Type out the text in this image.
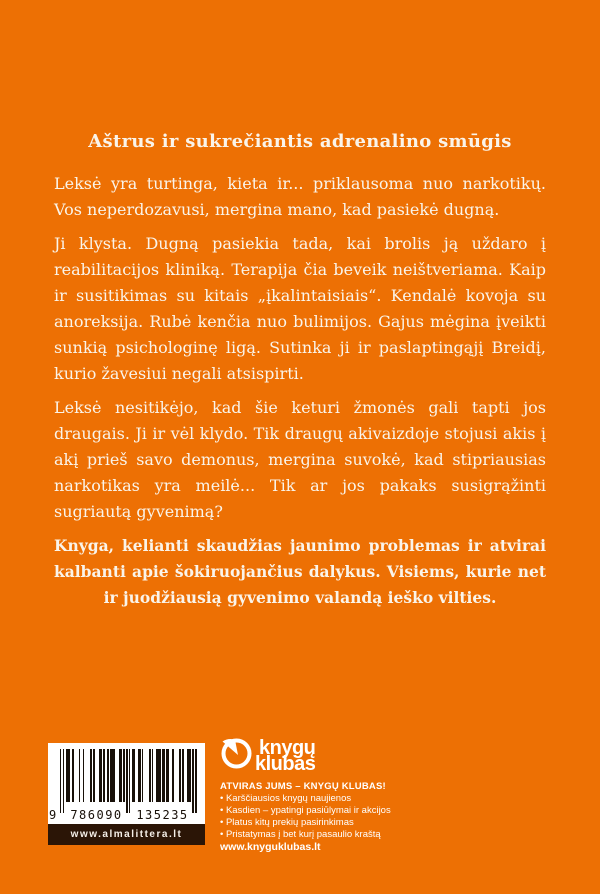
Aštrus ir sukrečiantis adrenalino smūgis

Leksė yra turtinga, kieta ir... priklausoma nuo narkotikų. Vos neperdozavusi, mergina mano, kad pasiekė dugną.

Ji klysta. Dugną pasiekia tada, kai brolis ją uždaro į reabilitacijos kliniką. Terapija čia beveik neištveriama. Kaip ir susitikimas su kitais „įkalintaisiais“. Kendalė kovoja su anoreksija. Rubė kenčia nuo bulimijos. Gajus mėgina įveikti sunkią psichologinę ligą. Sutinka ji ir paslaptingąjį Breidį, kurio žavesiui negali atsispirti.

Leksė nesitikėjo, kad šie keturi žmonės gali tapti jos draugais. Ji ir vėl klydo. Tik draugų akivaizdoje stojusi akis į akį prieš savo demonus, mergina suvokė, kad stipriausias narkotikas yra meilė... Tik ar jos pakaks susigrąžinti sugriautą gyvenimą?

Knyga, kelianti skaudžias jaunimo problemas ir atvirai kalbanti apie šokiruojančius dalykus. Visiems, kurie net ir juodžiausią gyvenimo valandą ieško vilties.

9	786090	135235
www.almalittera.lt
knygų
klubas
ATVIRAS JUMS – KNYGŲ KLUBAS!
• Karščiausios knygų naujienos
• Kasdien – ypatingi pasiūlymai ir akcijos
• Platus kitų prekių pasirinkimas
• Pristatymas į bet kurį pasaulio kraštą
www.knyguklubas.lt
